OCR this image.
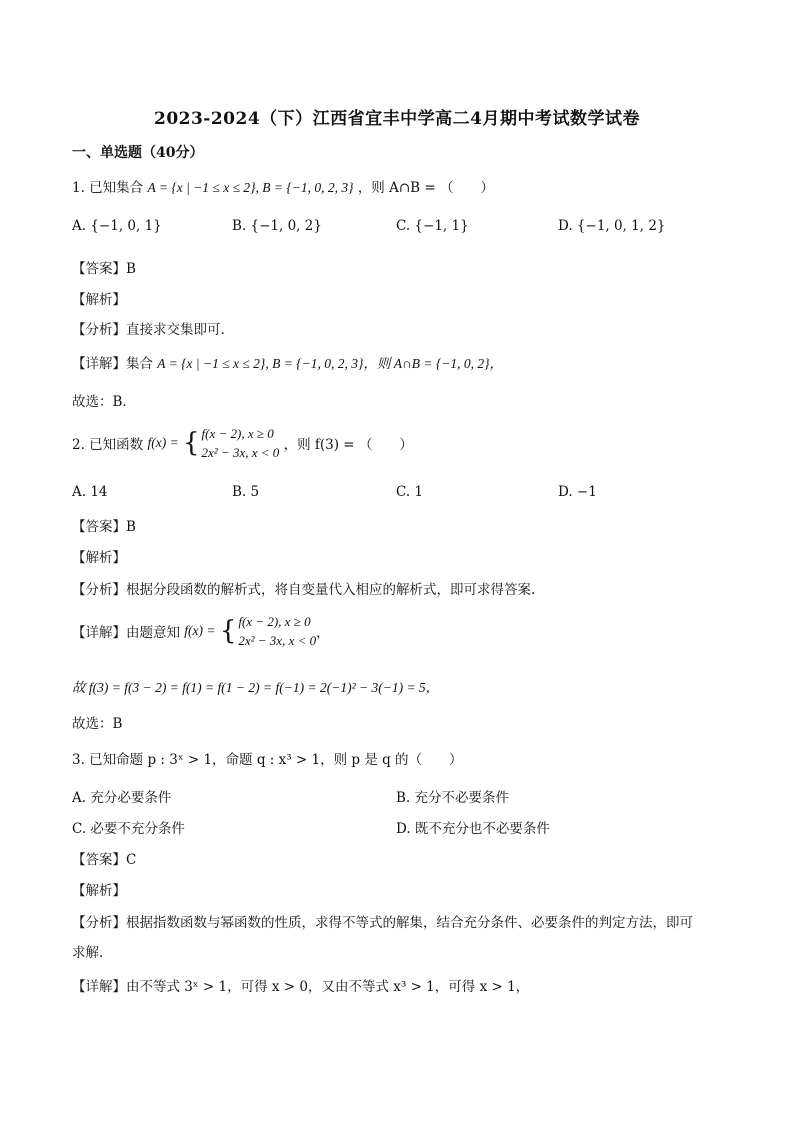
2023-2024（下）江西省宜丰中学高二4月期中考试数学试卷
一、单选题（40分）
1. 已知集合 A = {x | −1 ≤ x ≤ 2}, B = {−1, 0, 2, 3} ，则 A∩B = （　　）
A. {−1, 0, 1}	B. {−1, 0, 2}	C. {−1, 1}	D. {−1, 0, 1, 2}
【答案】B
【解析】
【分析】直接求交集即可.
【详解】集合 A = {x | −1 ≤ x ≤ 2}, B = {−1, 0, 2, 3}，则 A∩B = {−1, 0, 2}，
故选：B．
2. 已知函数 f(x) = { f(x − 2), x ≥ 0
2x² − 3x, x < 0 ，则 f(3) = （　　）
A. 14	B. 5	C. 1	D. −1
【答案】B
【解析】
【分析】根据分段函数的解析式，将自变量代入相应的解析式，即可求得答案.
【详解】由题意知 f(x) = { f(x − 2), x ≥ 0
2x² − 3x, x < 0，
故 f(3) = f(3 − 2) = f(1) = f(1 − 2) = f(−1) = 2(−1)² − 3(−1) = 5，
故选：B
3. 已知命题 p : 3ˣ > 1，命题 q : x³ > 1，则 p 是 q 的（　　）
A. 充分必要条件	B. 充分不必要条件
C. 必要不充分条件	D. 既不充分也不必要条件
【答案】C
【解析】
【分析】根据指数函数与幂函数的性质，求得不等式的解集，结合充分条件、必要条件的判定方法，即可
求解.
【详解】由不等式 3ˣ > 1，可得 x > 0，又由不等式 x³ > 1，可得 x > 1，
